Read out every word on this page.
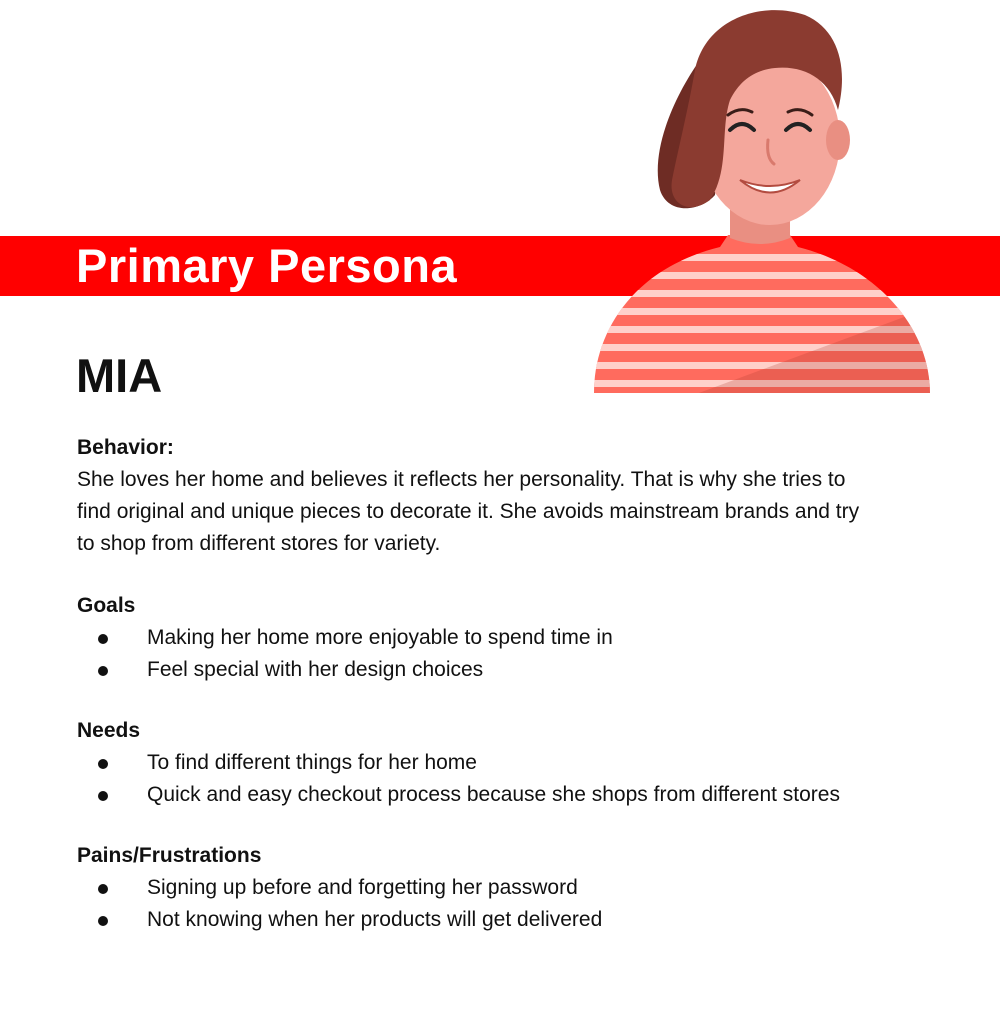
Primary Persona
MIA
Behavior:

She loves her home and believes it reflects her personality. That is why she tries to find original and unique pieces to decorate it. She avoids mainstream brands and try to shop from different stores for variety.

Goals
Making her home more enjoyable to spend time in
Feel special with her design choices
Needs
To find different things for her home
Quick and easy checkout process because she shops from different stores
Pains/Frustrations
Signing up before and forgetting her password
Not knowing when her products will get delivered
